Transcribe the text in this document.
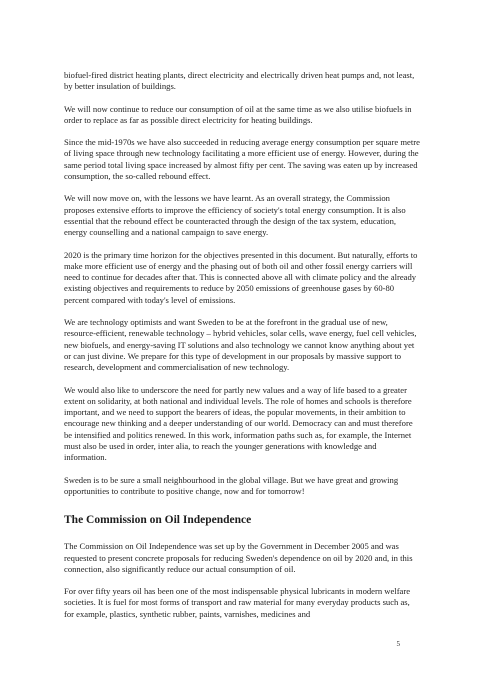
biofuel-fired district heating plants, direct electricity and electrically driven heat pumps and, not least, by better insulation of buildings.

We will now continue to reduce our consumption of oil at the same time as we also utilise biofuels in order to replace as far as possible direct electricity for heating buildings.

Since the mid-1970s we have also succeeded in reducing average energy consumption per square metre of living space through new technology facilitating a more efficient use of energy. However, during the same period total living space increased by almost fifty per cent. The saving was eaten up by increased consumption, the so-called rebound effect.

We will now move on, with the lessons we have learnt. As an overall strategy, the Commission proposes extensive efforts to improve the efficiency of society's total energy consumption. It is also essential that the rebound effect be counteracted through the design of the tax system, education, energy counselling and a national campaign to save energy.

2020 is the primary time horizon for the objectives presented in this document. But naturally, efforts to make more efficient use of energy and the phasing out of both oil and other fossil energy carriers will need to continue for decades after that. This is connected above all with climate policy and the already existing objectives and requirements to reduce by 2050 emissions of greenhouse gases by 60-80 percent compared with today's level of emissions.

We are technology optimists and want Sweden to be at the forefront in the gradual use of new, resource-efficient, renewable technology – hybrid vehicles, solar cells, wave energy, fuel cell vehicles, new biofuels, and energy-saving IT solutions and also technology we cannot know anything about yet or can just divine. We prepare for this type of development in our proposals by massive support to research, development and commercialisation of new technology.

We would also like to underscore the need for partly new values and a way of life based to a greater extent on solidarity, at both national and individual levels. The role of homes and schools is therefore important, and we need to support the bearers of ideas, the popular movements, in their ambition to encourage new thinking and a deeper understanding of our world. Democracy can and must therefore be intensified and politics renewed. In this work, information paths such as, for example, the Internet must also be used in order, inter alia, to reach the younger generations with knowledge and information.

Sweden is to be sure a small neighbourhood in the global village. But we have great and growing opportunities to contribute to positive change, now and for tomorrow!

The Commission on Oil Independence

The Commission on Oil Independence was set up by the Government in December 2005 and was requested to present concrete proposals for reducing Sweden's dependence on oil by 2020 and, in this connection, also significantly reduce our actual consumption of oil.

For over fifty years oil has been one of the most indispensable physical lubricants in modern welfare societies. It is fuel for most forms of transport and raw material for many everyday products such as, for example, plastics, synthetic rubber, paints, varnishes, medicines and

5
